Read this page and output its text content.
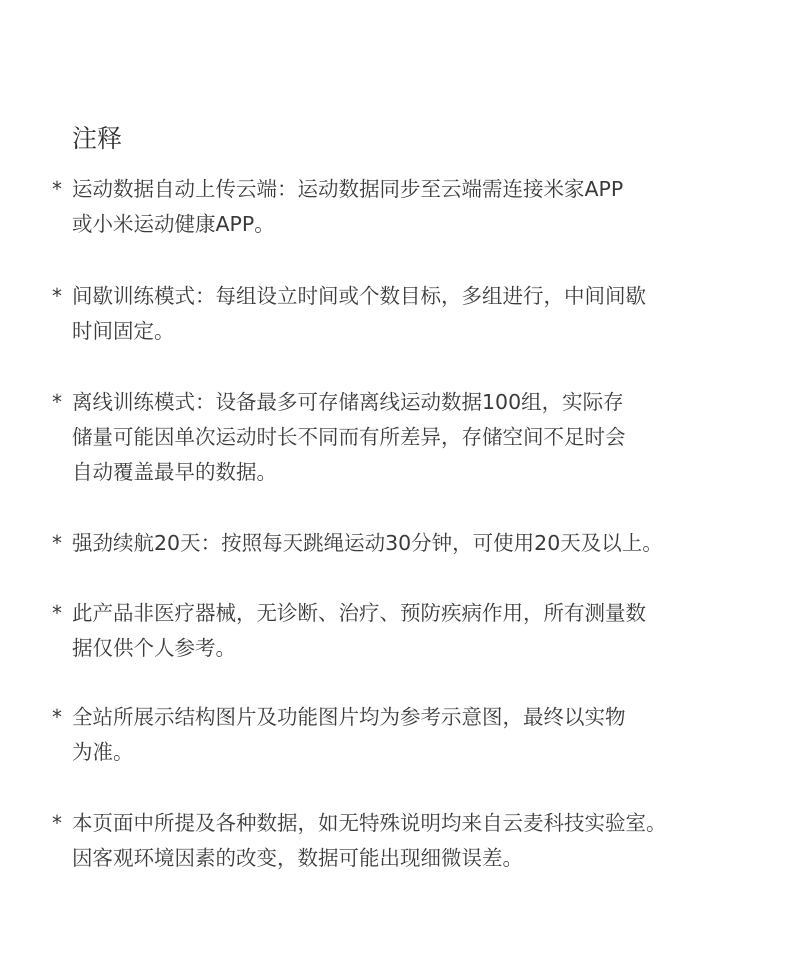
注释
* 运动数据自动上传云端：运动数据同步至云端需连接米家APP
或小米运动健康APP。
* 间歇训练模式：每组设立时间或个数目标，多组进行，中间间歇
时间固定。
* 离线训练模式：设备最多可存储离线运动数据100组，实际存
储量可能因单次运动时长不同而有所差异，存储空间不足时会
自动覆盖最早的数据。
* 强劲续航20天：按照每天跳绳运动30分钟，可使用20天及以上。
* 此产品非医疗器械，无诊断、治疗、预防疾病作用，所有测量数
据仅供个人参考。
* 全站所展示结构图片及功能图片均为参考示意图，最终以实物
为准。
* 本页面中所提及各种数据，如无特殊说明均来自云麦科技实验室。
因客观环境因素的改变，数据可能出现细微误差。
